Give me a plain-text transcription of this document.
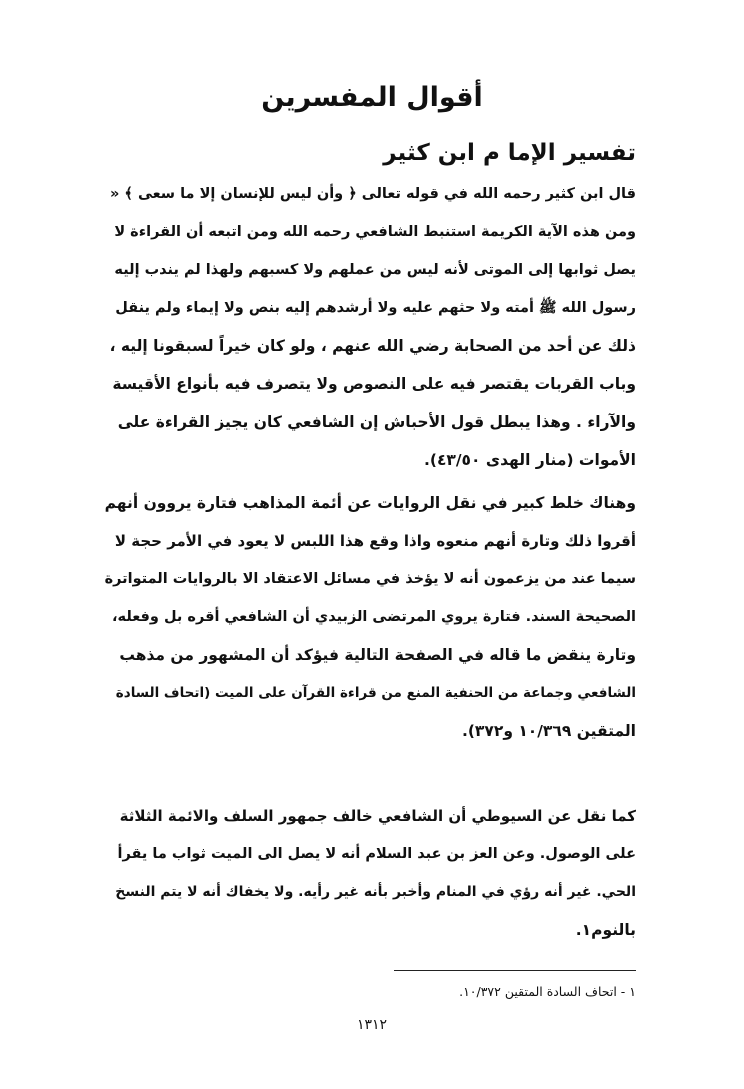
أقوال المفسرين
تفسير الإما م ابن كثير
قال ابن كثير رحمه الله في قوله تعالى ﴿ وأن ليس للإنسان إلا ما سعى ﴾ «
ومن هذه الآية الكريمة استنبط الشافعي رحمه الله ومن اتبعه أن القراءة لا
يصل ثوابها إلى الموتى لأنه ليس من عملهم ولا كسبهم ولهذا لم يندب إليه
رسول الله ﷺ أمته ولا حثهم عليه ولا أرشدهم إليه بنص ولا إيماء ولم ينقل
ذلك عن أحد من الصحابة رضي الله عنهم ، ولو كان خيراً لسبقونا إليه ،
وباب القربات يقتصر فيه على النصوص ولا يتصرف فيه بأنواع الأقيسة
والآراء . وهذا يبطل قول الأحباش إن الشافعي كان يجيز القراءة على
الأموات (منار الهدى ٤٣/٥٠).
وهناك خلط كبير في نقل الروايات عن أئمة المذاهب فتارة يروون أنهم
أقروا ذلك وتارة أنهم منعوه واذا وقع هذا اللبس لا يعود في الأمر حجة لا
سيما عند من يزعمون أنه لا يؤخذ في مسائل الاعتقاد الا بالروايات المتواترة
الصحيحة السند. فتارة يروي المرتضى الزبيدي أن الشافعي أقره بل وفعله،
وتارة ينقض ما قاله في الصفحة التالية فيؤكد أن المشهور من مذهب
الشافعي وجماعة من الحنفية المنع من قراءة القرآن على الميت (اتحاف السادة
المتقين ١٠/٣٦٩ و٣٧٢).
كما نقل عن السيوطي أن الشافعي خالف جمهور السلف والائمة الثلاثة
على الوصول. وعن العز بن عبد السلام أنه لا يصل الى الميت ثواب ما يقرأ
الحي. غير أنه رؤي في المنام وأخبر بأنه غير رأيه. ولا يخفاك أنه لا يتم النسخ
بالنوم١.
١ - اتحاف السادة المتقين ١٠/٣٧٢.
١٣١٢
